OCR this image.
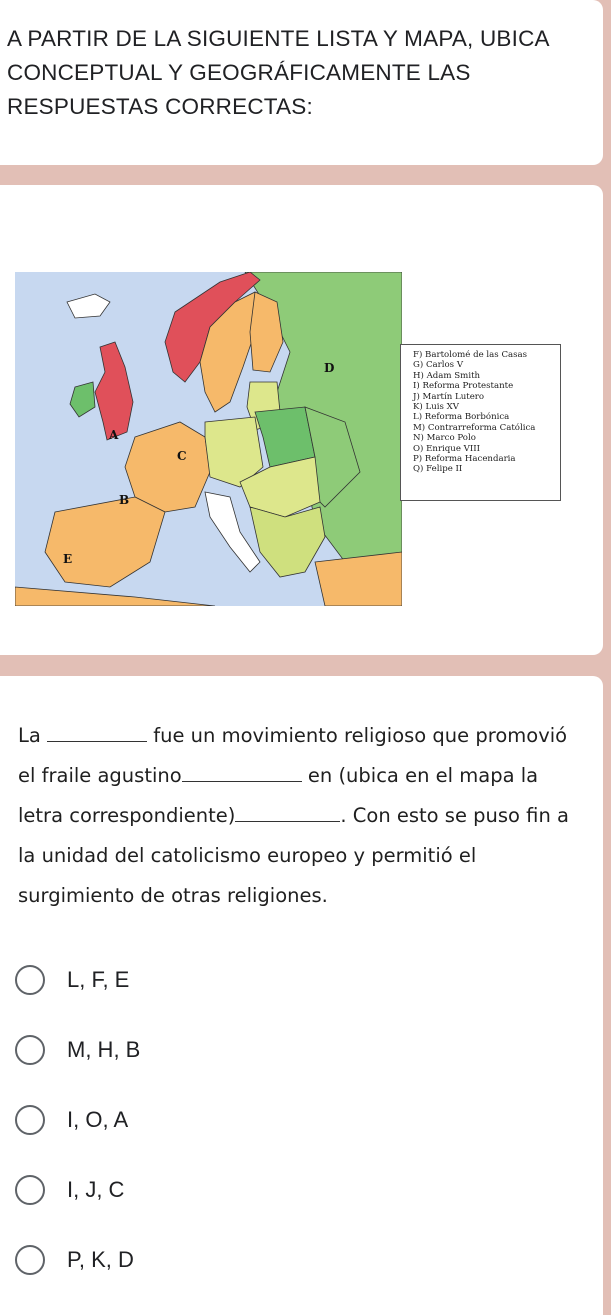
A PARTIR DE LA SIGUIENTE LISTA Y MAPA, UBICA CONCEPTUAL Y GEOGRÁFICAMENTE LAS RESPUESTAS CORRECTAS:

A
B
C
D
E
F) Bartolomé de las Casas
G) Carlos V
H) Adam Smith
I) Reforma Protestante
J) Martín Lutero
K) Luis XV
L) Reforma Borbónica
M) Contrarreforma Católica
N) Marco Polo
O) Enrique VIII
P) Reforma Hacendaria
Q) Felipe II

La	fue un movimiento religioso que promovió el fraile agustino	en (ubica en el mapa la letra correspondiente)	. Con esto se puso fin a la unidad del catolicismo europeo y permitió el surgimiento de otras religiones.

L, F, E
M, H, B
I, O, A
I, J, C
P, K, D
